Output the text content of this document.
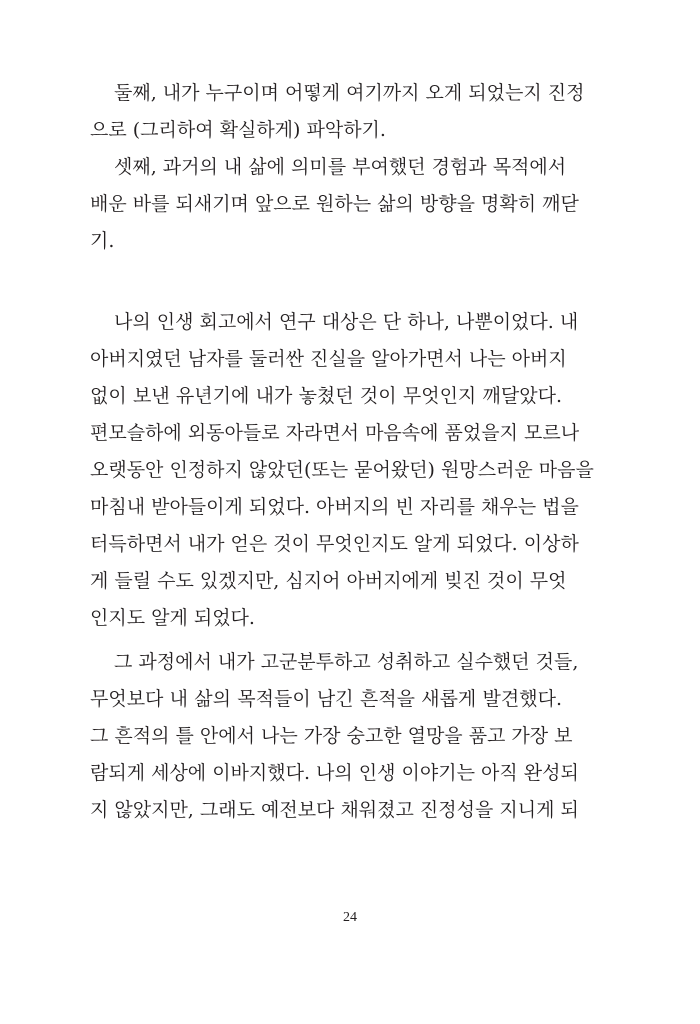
둘째, 내가 누구이며 어떻게 여기까지 오게 되었는지 진정
으로 (그리하여 확실하게) 파악하기.
셋째, 과거의 내 삶에 의미를 부여했던 경험과 목적에서
배운 바를 되새기며 앞으로 원하는 삶의 방향을 명확히 깨닫
기.
나의 인생 회고에서 연구 대상은 단 하나, 나뿐이었다. 내
아버지였던 남자를 둘러싼 진실을 알아가면서 나는 아버지
없이 보낸 유년기에 내가 놓쳤던 것이 무엇인지 깨달았다.
편모슬하에 외동아들로 자라면서 마음속에 품었을지 모르나
오랫동안 인정하지 않았던(또는 묻어왔던) 원망스러운 마음을
마침내 받아들이게 되었다. 아버지의 빈 자리를 채우는 법을
터득하면서 내가 얻은 것이 무엇인지도 알게 되었다. 이상하
게 들릴 수도 있겠지만, 심지어 아버지에게 빚진 것이 무엇
인지도 알게 되었다.
그 과정에서 내가 고군분투하고 성취하고 실수했던 것들,
무엇보다 내 삶의 목적들이 남긴 흔적을 새롭게 발견했다.
그 흔적의 틀 안에서 나는 가장 숭고한 열망을 품고 가장 보
람되게 세상에 이바지했다. 나의 인생 이야기는 아직 완성되
지 않았지만, 그래도 예전보다 채워졌고 진정성을 지니게 되
24
